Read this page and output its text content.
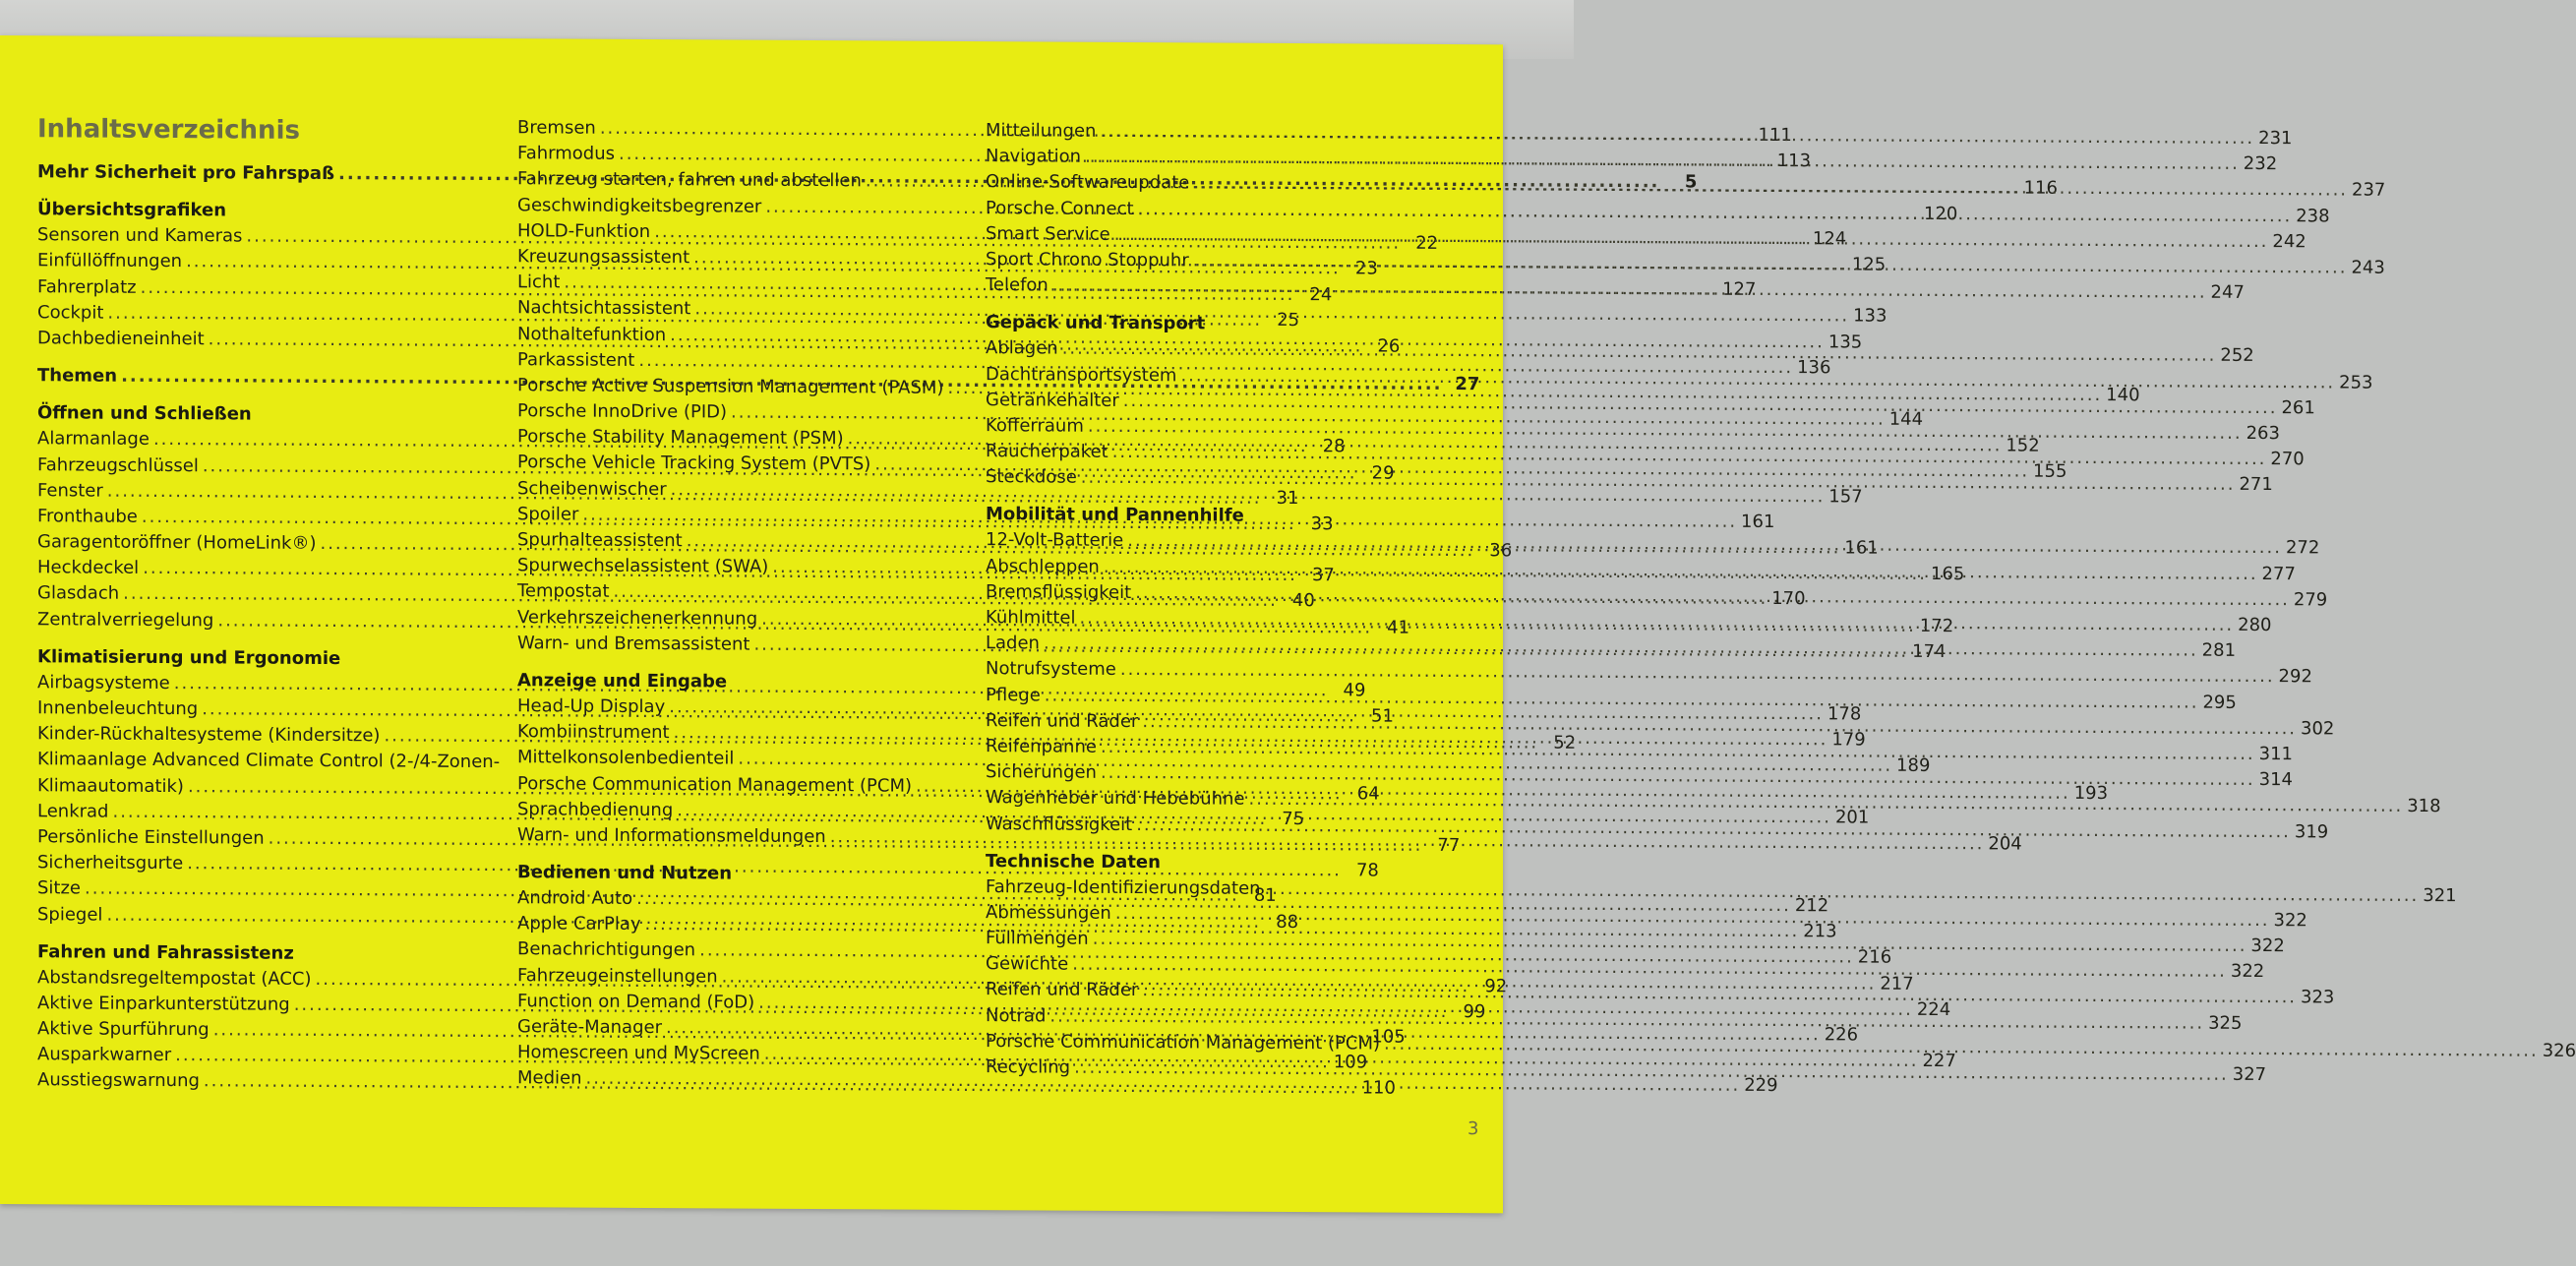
Inhaltsverzeichnis
Mehr Sicherheit pro Fahrspaß .....	5
Übersichtsgrafiken
Sensoren und Kameras .....	22
Einfüllöffnungen .....	23
Fahrerplatz .....	24
Cockpit .....	25
Dachbedieneinheit .....	26
Themen .....	27
Öffnen und Schließen
Alarmanlage .....	28
Fahrzeugschlüssel .....	29
Fenster .....	31
Fronthaube .....	33
Garagentoröffner (HomeLink®) .....	36
Heckdeckel .....	37
Glasdach .....	40
Zentralverriegelung .....	41
Klimatisierung und Ergonomie
Airbagsysteme .....	49
Innenbeleuchtung .....	51
Kinder-Rückhaltesysteme (Kindersitze) .....	52
Klimaanlage Advanced Climate Control (2-/4-Zonen-
Klimaautomatik) .....	64
Lenkrad .....	75
Persönliche Einstellungen .....	77
Sicherheitsgurte .....	78
Sitze .....	81
Spiegel .....	88
Fahren und Fahrassistenz
Abstandsregeltempostat (ACC) .....	92
Aktive Einparkunterstützung .....	99
Aktive Spurführung .....	105
Ausparkwarner .....	109
Ausstiegswarnung .....	110
Bremsen .....	111
Fahrmodus .....	113
Fahrzeug starten, fahren und abstellen .....	116
Geschwindigkeitsbegrenzer .....	120
HOLD-Funktion .....	124
Kreuzungsassistent .....	125
Licht .....	127
Nachtsichtassistent .....	133
Nothaltefunktion .....	135
Parkassistent .....	136
Porsche Active Suspension Management (PASM) .....	140
Porsche InnoDrive (PID) .....	144
Porsche Stability Management (PSM) .....	152
Porsche Vehicle Tracking System (PVTS) .....	155
Scheibenwischer .....	157
Spoiler .....	161
Spurhalteassistent .....	161
Spurwechselassistent (SWA) .....	165
Tempostat .....	170
Verkehrszeichenerkennung .....	172
Warn- und Bremsassistent .....	174
Anzeige und Eingabe
Head-Up Display .....	178
Kombiinstrument .....	179
Mittelkonsolenbedienteil .....	189
Porsche Communication Management (PCM) .....	193
Sprachbedienung .....	201
Warn- und Informationsmeldungen .....	204
Bedienen und Nutzen
Android Auto .....	212
Apple CarPlay .....	213
Benachrichtigungen .....	216
Fahrzeugeinstellungen .....	217
Function on Demand (FoD) .....	224
Geräte-Manager .....	226
Homescreen und MyScreen .....	227
Medien .....	229
Mitteilungen .....	231
Navigation .....	232
Online-Softwareupdate .....	237
Porsche Connect .....	238
Smart Service .....	242
Sport Chrono Stoppuhr .....	243
Telefon .....	247
Gepäck und Transport
Ablagen .....	252
Dachtransportsystem .....	253
Getränkehalter .....	261
Kofferraum .....	263
Raucherpaket .....	270
Steckdose .....	271
Mobilität und Pannenhilfe
12-Volt-Batterie .....	272
Abschleppen .....	277
Bremsflüssigkeit .....	279
Kühlmittel .....	280
Laden .....	281
Notrufsysteme .....	292
Pflege .....	295
Reifen und Räder .....	302
Reifenpanne .....	311
Sicherungen .....	314
Wagenheber und Hebebühne .....	318
Waschflüssigkeit .....	319
Technische Daten
Fahrzeug-Identifizierungsdaten .....	321
Abmessungen .....	322
Füllmengen .....	322
Gewichte .....	322
Reifen und Räder .....	323
Notrad .....	325
Porsche Communication Management (PCM) .....	326
Recycling .....	327
3
